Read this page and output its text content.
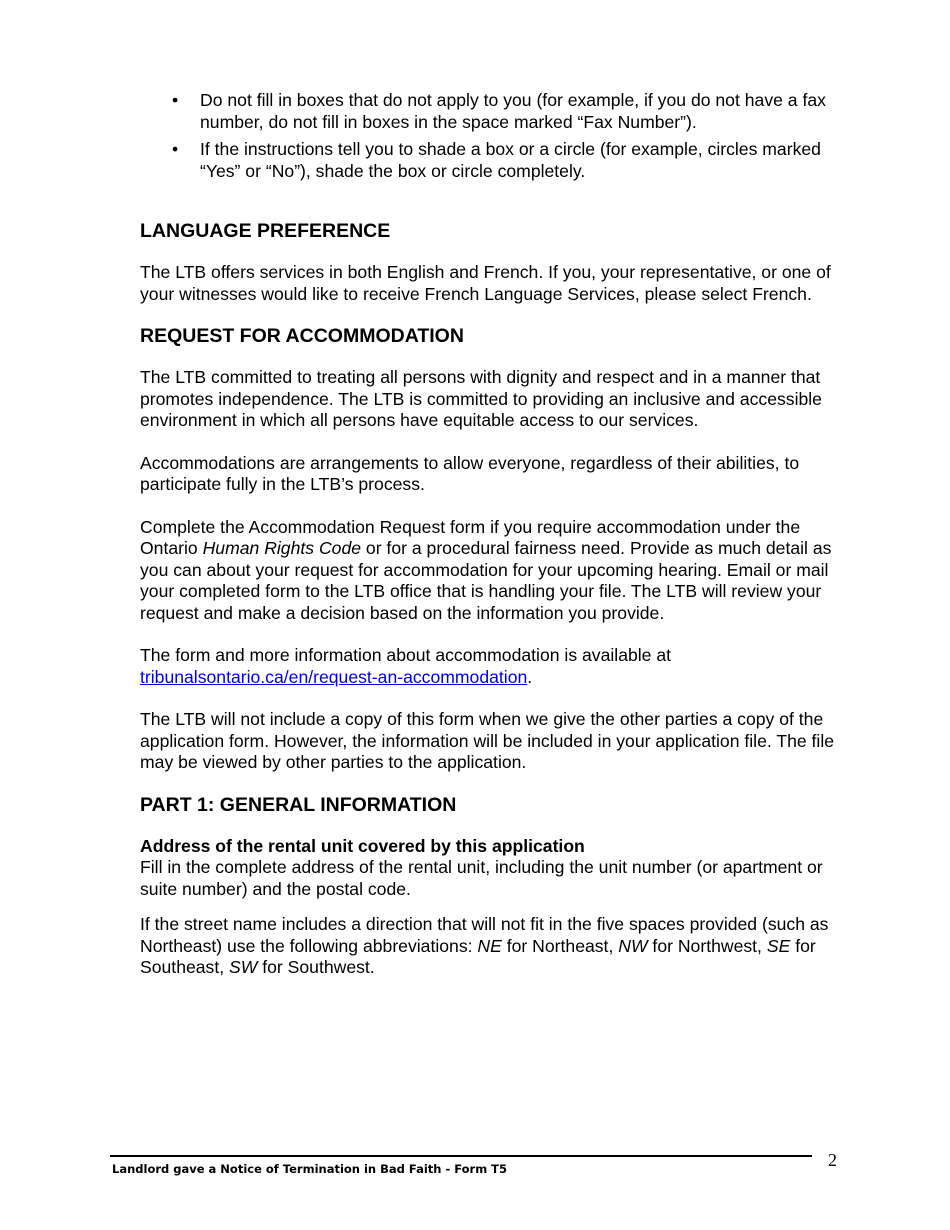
• Do not fill in boxes that do not apply to you (for example, if you do not have a fax number, do not fill in boxes in the space marked “Fax Number”).
• If the instructions tell you to shade a box or a circle (for example, circles marked “Yes” or “No”), shade the box or circle completely.
LANGUAGE PREFERENCE

The LTB offers services in both English and French. If you, your representative, or one of your witnesses would like to receive French Language Services, please select French.

REQUEST FOR ACCOMMODATION

The LTB committed to treating all persons with dignity and respect and in a manner that promotes independence. The LTB is committed to providing an inclusive and accessible environment in which all persons have equitable access to our services.

Accommodations are arrangements to allow everyone, regardless of their abilities, to participate fully in the LTB’s process.

Complete the Accommodation Request form if you require accommodation under the Ontario Human Rights Code or for a procedural fairness need. Provide as much detail as you can about your request for accommodation for your upcoming hearing. Email or mail your completed form to the LTB office that is handling your file. The LTB will review your request and make a decision based on the information you provide.

The form and more information about accommodation is available at
tribunalsontario.ca/en/request-an-accommodation.

The LTB will not include a copy of this form when we give the other parties a copy of the application form. However, the information will be included in your application file. The file may be viewed by other parties to the application.

PART 1: GENERAL INFORMATION

Address of the rental unit covered by this application

Fill in the complete address of the rental unit, including the unit number (or apartment or suite number) and the postal code.

If the street name includes a direction that will not fit in the five spaces provided (such as Northeast) use the following abbreviations: NE for Northeast, NW for Northwest, SE for Southeast, SW for Southwest.

Landlord gave a Notice of Termination in Bad Faith - Form T5	2
